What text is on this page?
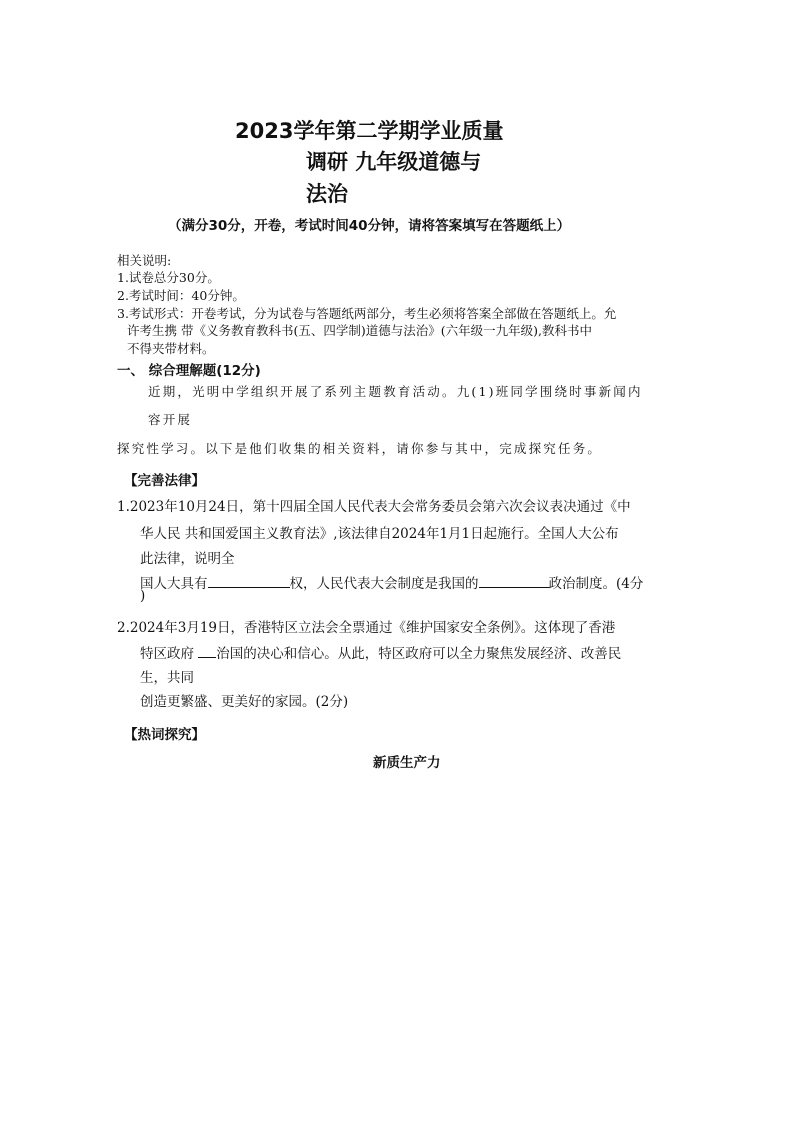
2023学年第二学期学业质量
调研 九年级道德与
法治
（满分30分，开卷，考试时间40分钟，请将答案填写在答题纸上）
相关说明:
1.试卷总分30分。
2.考试时间：40分钟。
3.考试形式：开卷考试，分为试卷与答题纸两部分，考生必须将答案全部做在答题纸上。允
许考生携 带《义务教育教科书(五、四学制)道德与法治》(六年级一九年级),教科书中
不得夹带材料。
一、 综合理解题(12分)
近期，光明中学组织开展了系列主题教育活动。九(1)班同学围绕时事新闻内
容开展
探究性学习。以下是他们收集的相关资料，请你参与其中，完成探究任务。
【完善法律】
1.2023年10月24日，第十四届全国人民代表大会常务委员会第六次会议表决通过《中
华人民 共和国爱国主义教育法》,该法律自2024年1月1日起施行。全国人大公布
此法律，说明全
国人大具有	权，人民代表大会制度是我国的	政治制度。(4分
)
2.2024年3月19日，香港特区立法会全票通过《维护国家安全条例》。这体现了香港
特区政府 治国的决心和信心。从此，特区政府可以全力聚焦发展经济、改善民
生，共同
创造更繁盛、更美好的家园。(2分)
【热词探究】
新质生产力
